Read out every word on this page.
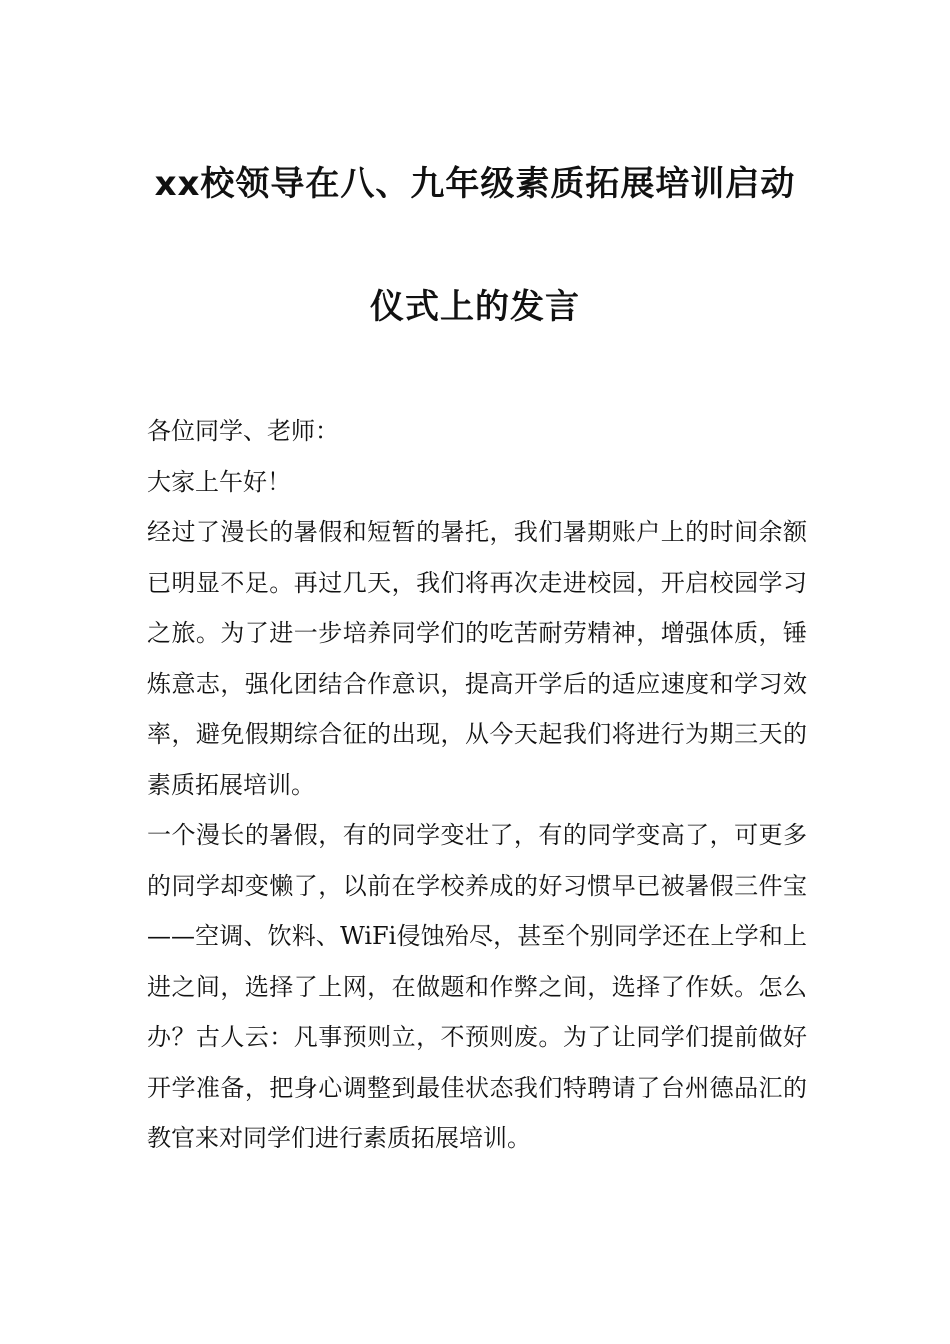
xx校领导在八、九年级素质拓展培训启动
仪式上的发言

各位同学、老师：

大家上午好！

经过了漫长的暑假和短暂的暑托，我们暑期账户上的时间余额已明显不足。再过几天，我们将再次走进校园，开启校园学习之旅。为了进一步培养同学们的吃苦耐劳精神，增强体质，锤炼意志，强化团结合作意识，提高开学后的适应速度和学习效率，避免假期综合征的出现，从今天起我们将进行为期三天的素质拓展培训。

一个漫长的暑假，有的同学变壮了，有的同学变高了，可更多的同学却变懒了，以前在学校养成的好习惯早已被暑假三件宝——空调、饮料、WiFi侵蚀殆尽，甚至个别同学还在上学和上进之间，选择了上网，在做题和作弊之间，选择了作妖。怎么办？古人云：凡事预则立，不预则废。为了让同学们提前做好开学准备，把身心调整到最佳状态我们特聘请了台州德品汇的教官来对同学们进行素质拓展培训。
